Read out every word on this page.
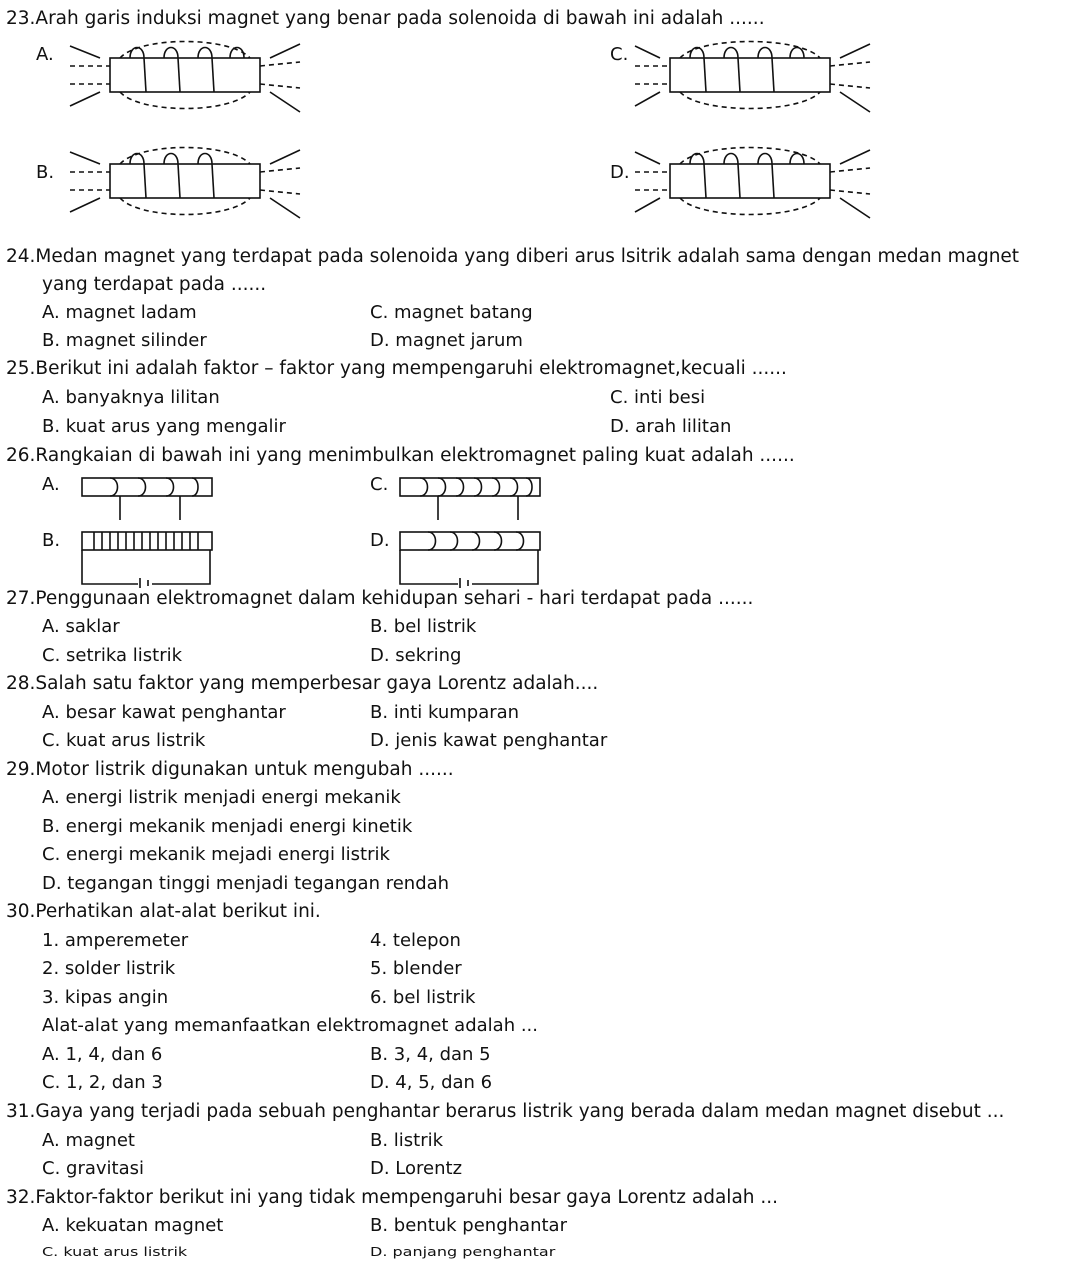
23.Arah garis induksi magnet yang benar pada solenoida di bawah ini adalah ......
A.
B.
C.
D.
24.Medan magnet yang terdapat pada solenoida yang diberi arus lsitrik adalah sama dengan medan magnet
yang terdapat pada ......
A. magnet ladam	C. magnet batang
B. magnet silinder	D. magnet jarum
25.Berikut ini adalah faktor – faktor yang mempengaruhi elektromagnet,kecuali ......
A. banyaknya lilitan	C. inti besi
B. kuat arus yang mengalir	D. arah lilitan
26.Rangkaian di bawah ini yang menimbulkan elektromagnet paling kuat adalah ......
A.	C.
B.	D.
27.Penggunaan elektromagnet dalam kehidupan sehari - hari terdapat pada ......
A. saklar	B. bel listrik
C. setrika listrik	D. sekring
28.Salah satu faktor yang memperbesar gaya Lorentz adalah....
A. besar kawat penghantar	B. inti kumparan
C. kuat arus listrik	D. jenis kawat penghantar
29.Motor listrik digunakan untuk mengubah ......
A. energi listrik menjadi energi mekanik
B. energi mekanik menjadi energi kinetik
C. energi mekanik mejadi energi listrik
D. tegangan tinggi menjadi tegangan rendah
30.Perhatikan alat-alat berikut ini.
1. amperemeter	4. telepon
2. solder listrik	5. blender
3. kipas angin	6. bel listrik
Alat-alat yang memanfaatkan elektromagnet adalah ...
A. 1, 4, dan 6	B. 3, 4, dan 5
C. 1, 2, dan 3	D. 4, 5, dan 6
31.Gaya yang terjadi pada sebuah penghantar berarus listrik yang berada dalam medan magnet disebut ...
A. magnet	B. listrik
C. gravitasi	D. Lorentz
32.Faktor-faktor berikut ini yang tidak mempengaruhi besar gaya Lorentz adalah ...
A. kekuatan magnet	B. bentuk penghantar
C. kuat arus listrik	D. panjang penghantar
